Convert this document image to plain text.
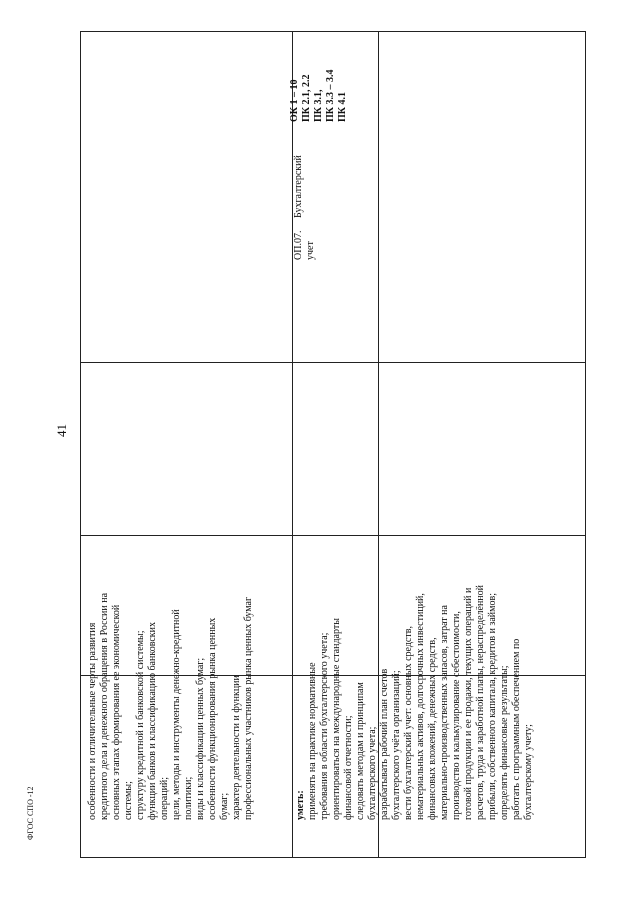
41
ФГОС СПО -12	особенности и отличительные черты развития
кредитного дела и денежного обращения в России на
основных этапах формирования ее экономической
системы;
структуру кредитной и банковской системы;
функции банков и классификацию банковских
операций;
цели, методы и инструменты денежно-кредитной
политики;
виды и классификации ценных бумаг;
особенности функционирования рынка ценных
бумаг;
характер деятельности и функции
профессиональных участников рынка ценных бумаг
уметь: применять на практике нормативные
требования в области бухгалтерского учета;
ориентироваться на международные стандарты
финансовой отчетности;
следовать методам и принципам
бухгалтерского учета;
разрабатывать рабочий план счетов
бухгалтерского учёта организаций;
вести бухгалтерский учет: основных средств,
нематериальных активов, долгосрочных инвестиций,
финансовых вложений, денежных средств,
материально-производственных запасов, затрат на
производство и калькулирование себестоимости,
готовой продукции и ее продажи, текущих операций и
расчетов, труда и заработной платы, нераспределённой
прибыли, собственного капитала, кредитов и займов;
определять финансовые результаты;
работать с программным обеспечением по
бухгалтерскому учету;
ОП.07.     Бухгалтерский
учет
ОК 1 – 10
ПК 2.1, 2.2
ПК 3.1,
ПК 3.3 – 3.4
ПК 4.1
